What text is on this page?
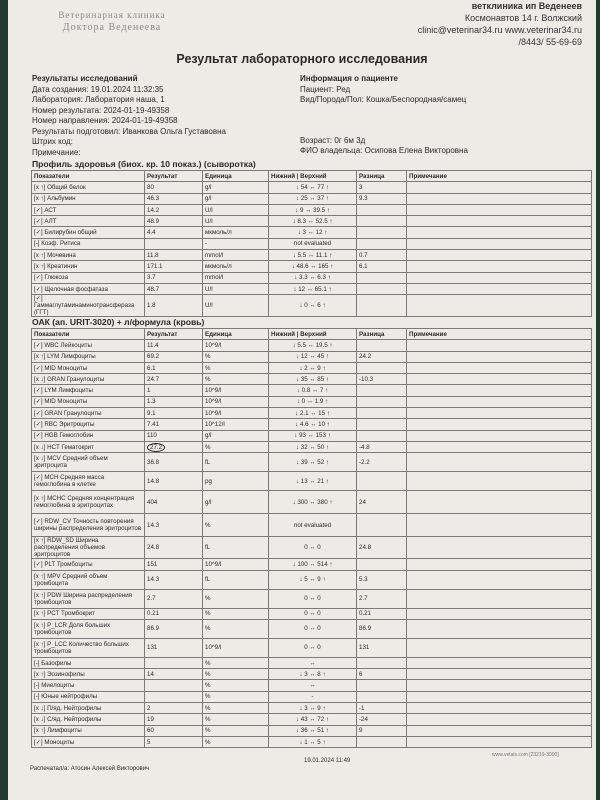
Ветеринарная клиника
Доктора Веденеева
ветклиника ип Веденеев
Космонавтов 14 г. Волжский
clinic@veterinar34.ru www.veterinar34.ru
/8443/ 55-69-69
Результат лабораторного исследования
Результаты исследований
Дата создания: 19.01.2024 11:32:35
Лаборатория: Лаборатория наша, 1
Номер результата: 2024-01-19-49358
Номер направления: 2024-01-19-49358
Результаты подготовил: Иванкова Ольга Густавовна
Штрих код:
Примечание:
Информация о пациенте
Пациент: Ред
Вид/Порода/Пол: Кошка/Беспородная/самец
Возраст: 0г 6м 3д
ФИО владельца: Осипова Елена Викторовна
Профиль здоровья (биох. кр. 10 показ.) (сыворотка)
Показатели	Результат	Единица	Нижний | Верхний	Разница	Примечание
[x ↑] Общий белок	80	g/l	↓ 54 ↔ 77 ↑	3	
[x ↑] Альбумин	46.3	g/l	↓ 25 ↔ 37 ↑	9.3	
[✓] АСТ	14.2	U/l	↓ 9 ↔ 39.5 ↑		
[✓] АЛТ	48.9	U/l	↓ 8.3 ↔ 52.5 ↑		
[✓] Билирубин общий	4.4	мкмоль/л	↓ 3 ↔ 12 ↑		
[-] Коэф. Ритиса		-	not evaluated		
[x ↑] Мочевина	11.8	mmol/l	↓ 5.5 ↔ 11.1 ↑	0.7	
[x ↑] Креатинин	171.1	мкмоль/л	↓ 48.6 ↔ 165 ↑	6.1	
[✓] Глюкоза	3.7	mmol/l	↓ 3.3 ↔ 6.3 ↑		
[✓] Щелочная фосфатаза	48.7	U/l	↓ 12 ↔ 65.1 ↑		
[✓] Гаммаглутаминаминотрансфераза (ГГТ)	1.8	U/l	↓ 0 ↔ 6 ↑		
ОАК (ап. URIT-3020) + л/формула (кровь)
Показатели	Результат	Единица	Нижний | Верхний	Разница	Примечание
[✓] WBC Лейкоциты	11.4	10^9/l	↓ 5.5 ↔ 19.5 ↑		
[x ↑] LYM Лимфоциты	69.2	%	↓ 12 ↔ 45 ↑	24.2	
[✓] MID Моноциты	6.1	%	↓ 2 ↔ 9 ↑		
[x ↓] GRAN Гранулоциты	24.7	%	↓ 35 ↔ 85 ↑	-10.3	
[✓] LYM Лимфоциты	1	10^9/l	↓ 0.8 ↔ 7 ↑		
[✓] MID Моноциты	1.3	10^9/l	↓ 0 ↔ 1.9 ↑		
[✓] GRAN Гранулоциты	9.1	10^9/l	↓ 2.1 ↔ 15 ↑		
[✓] RBC Эритроциты	7.41	10^12/l	↓ 4.6 ↔ 10 ↑		
[✓] HGB Гемоглобин	110	g/l	↓ 93 ↔ 153 ↑		
[x ↓] HCT Гематокрит	27.2	%	↓ 32 ↔ 50 ↑	-4.8	
[x ↓] MCV Средний объем эритроцита	36.8	fL	↓ 39 ↔ 52 ↑	-2.2	
[✓] MCH Средняя масса гемоглобина в клетке	14.8	pg	↓ 13 ↔ 21 ↑		
[x ↑] MCHC Средняя концентрация гемоглобина в эритроцитах	404	g/l	↓ 300 ↔ 380 ↑	24	
[✓] RDW_CV Точность повторения ширины распределения эритроцитов	14.3	%	not evaluated		
[x ↑] RDW_SD Ширина распределения объемов эритроцитов	24.8	fL	0 ↔ 0	24.8	
[✓] PLT Тромбоциты	151	10^9/l	↓ 100 ↔ 514 ↑		
[x ↑] MPV Средний объем тромбоцита	14.3	fL	↓ 5 ↔ 9 ↑	5.3	
[x ↑] PDW Ширина распределения тромбоцитов	2.7	%	0 ↔ 0	2.7	
[x ↑] PCT Тромбокрит	0.21	%	0 ↔ 0	0.21	
[x ↑] P_LCR Доля больших тромбоцитов	86.9	%	0 ↔ 0	86.9	
[x ↑] P_LCC Количество больших тромбоцитов	131	10^9/l	0 ↔ 0	131	
[-] Базофилы		%	↔		
[x ↑] Эозинофилы	14	%	↓ 3 ↔ 8 ↑	6	
[-] Миелоциты		%	↔		
[-] Юные нейтрофилы		%	-		
[x ↓] П/яд. Нейтрофилы	2	%	↓ 3 ↔ 9 ↑	-1	
[x ↓] С/яд. Нейтрофилы	19	%	↓ 43 ↔ 72 ↑	-24	
[x ↑] Лимфоциты	60	%	↓ 36 ↔ 51 ↑	9	
[✓] Моноциты	5	%	↓ 1 ↔ 5 ↑		
Распечатал/а: Атосин Алексей Викторович
19.01.2024 11:49
www.vetais.com [23219-3900]
